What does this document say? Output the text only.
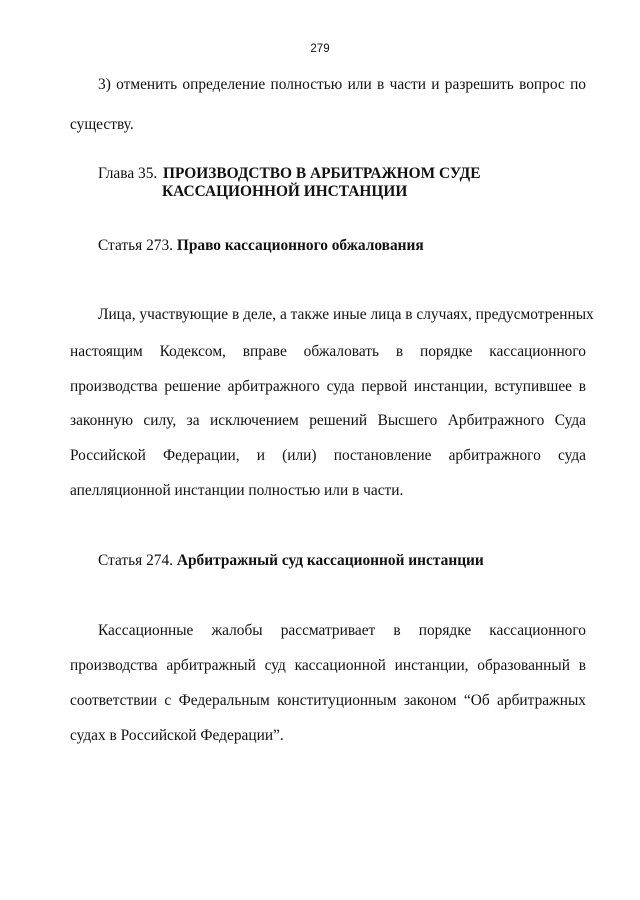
279

3) отменить определение полностью или в части и разрешить вопрос по

существу.

Глава 35. ПРОИЗВОДСТВО В АРБИТРАЖНОМ СУДЕ
КАССАЦИОННОЙ ИНСТАНЦИИ
Статья 273. Право кассационного обжалования

Лица, участвующие в деле, а также иные лица в случаях, предусмотренных

настоящим Кодексом, вправе обжаловать в порядке кассационного

производства решение арбитражного суда первой инстанции, вступившее в

законную силу, за исключением решений Высшего Арбитражного Суда

Российской Федерации, и (или) постановление арбитражного суда

апелляционной инстанции полностью или в части.

Статья 274. Арбитражный суд кассационной инстанции

Кассационные жалобы рассматривает в порядке кассационного

производства арбитражный суд кассационной инстанции, образованный в

соответствии с Федеральным конституционным законом “Об арбитражных

судах в Российской Федерации”.
